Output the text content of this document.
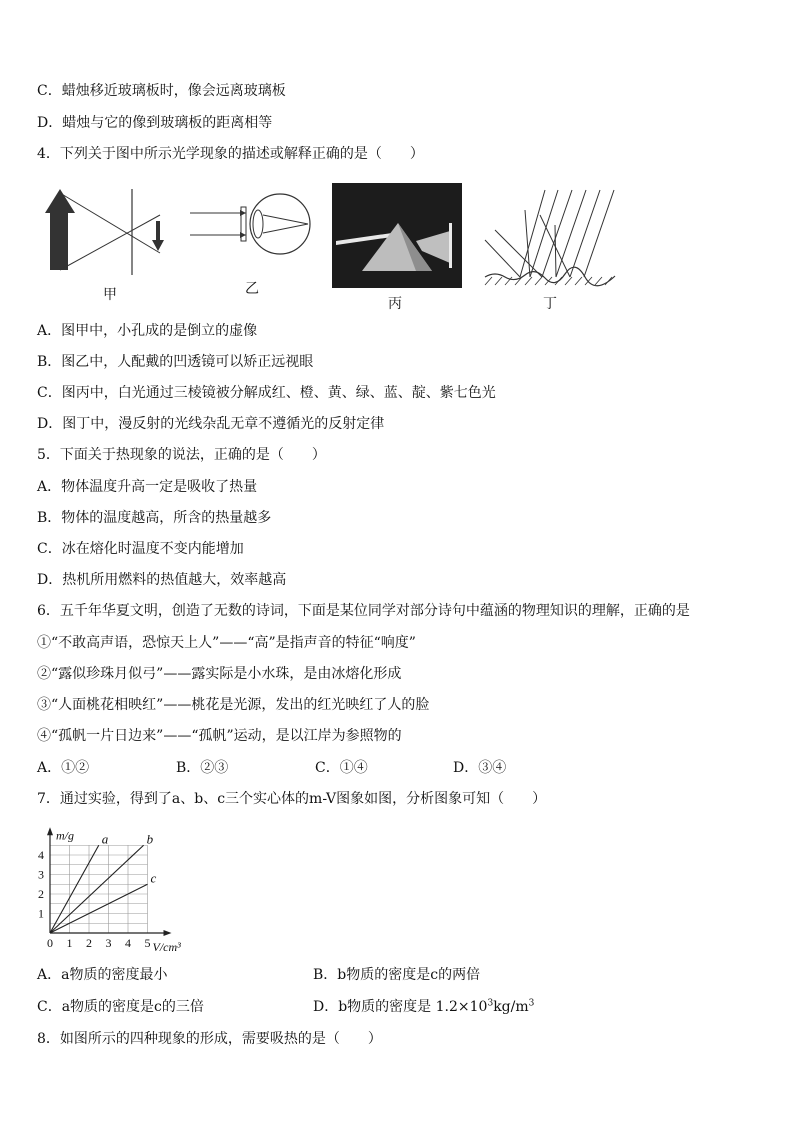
C．蜡烛移近玻璃板时，像会远离玻璃板
D．蜡烛与它的像到玻璃板的距离相等
4．下列关于图中所示光学现象的描述或解释正确的是（　　）
甲	乙
丙	丁
A．图甲中，小孔成的是倒立的虚像
B．图乙中，人配戴的凹透镜可以矫正远视眼
C．图丙中，白光通过三棱镜被分解成红、橙、黄、绿、蓝、靛、紫七色光
D．图丁中，漫反射的光线杂乱无章不遵循光的反射定律
5．下面关于热现象的说法，正确的是（　　）
A．物体温度升高一定是吸收了热量
B．物体的温度越高，所含的热量越多
C．冰在熔化时温度不变内能增加
D．热机所用燃料的热值越大，效率越高
6．五千年华夏文明，创造了无数的诗词，下面是某位同学对部分诗句中蕴涵的物理知识的理解，正确的是
①“不敢高声语，恐惊天上人”——“高”是指声音的特征“响度”
②“露似珍珠月似弓”——露实际是小水珠，是由冰熔化形成
③“人面桃花相映红”——桃花是光源，发出的红光映红了人的脸
④“孤帆一片日边来”——“孤帆”运动，是以江岸为参照物的
A．①②	B．②③	C．①④	D．③④
7．通过实验，得到了a、b、c三个实心体的m-V图象如图，分析图象可知（　　）
0 1 2 3 4 5
1
2
3
4
m/g
V/cm³
a	b
c
A．a物质的密度最小	B．b物质的密度是c的两倍
C．a物质的密度是c的三倍	D．b物质的密度是 $1.2\times 10^3kg/m^3$
8．如图所示的四种现象的形成，需要吸热的是（　　）
